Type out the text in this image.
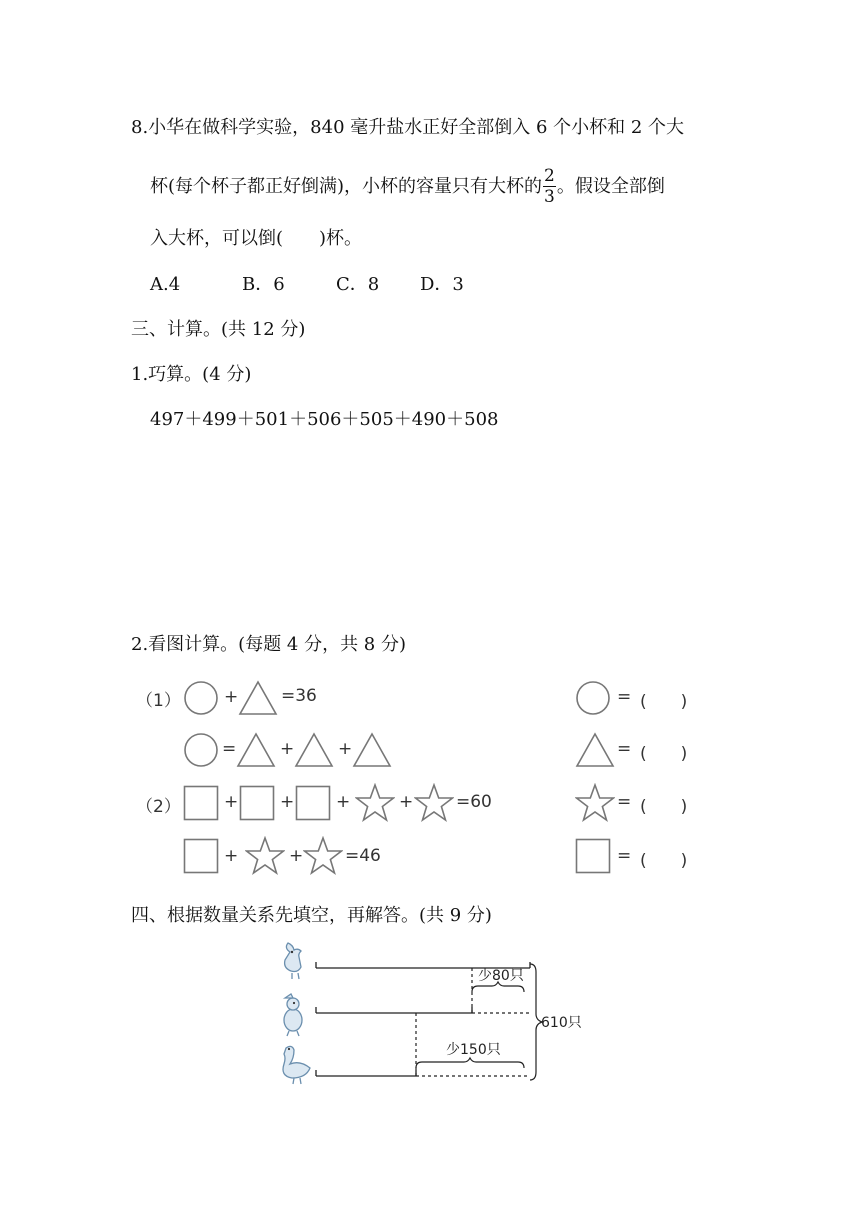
8.小华在做科学实验，840 毫升盐水正好全部倒入 6 个小杯和 2 个大
杯(每个杯子都正好倒满)，小杯的容量只有大杯的 $\frac{2}{3}$ 。假设全部倒
入大杯，可以倒(　　)杯。
A.4	B．6	C．8 D．3
三、计算。(共 12 分)
1.巧算。(4 分)
497＋499＋501＋506＋505＋490＋508
2.看图计算。(每题 4 分，共 8 分)
（1）	+	=36	= (　　)
=	+	+	= (　　)
（2）	+ + +	+	=60	= (　　)
+	+ =46	= (　　)
四、根据数量关系先填空，再解答。(共 9 分)
少80只
少150只
610只
